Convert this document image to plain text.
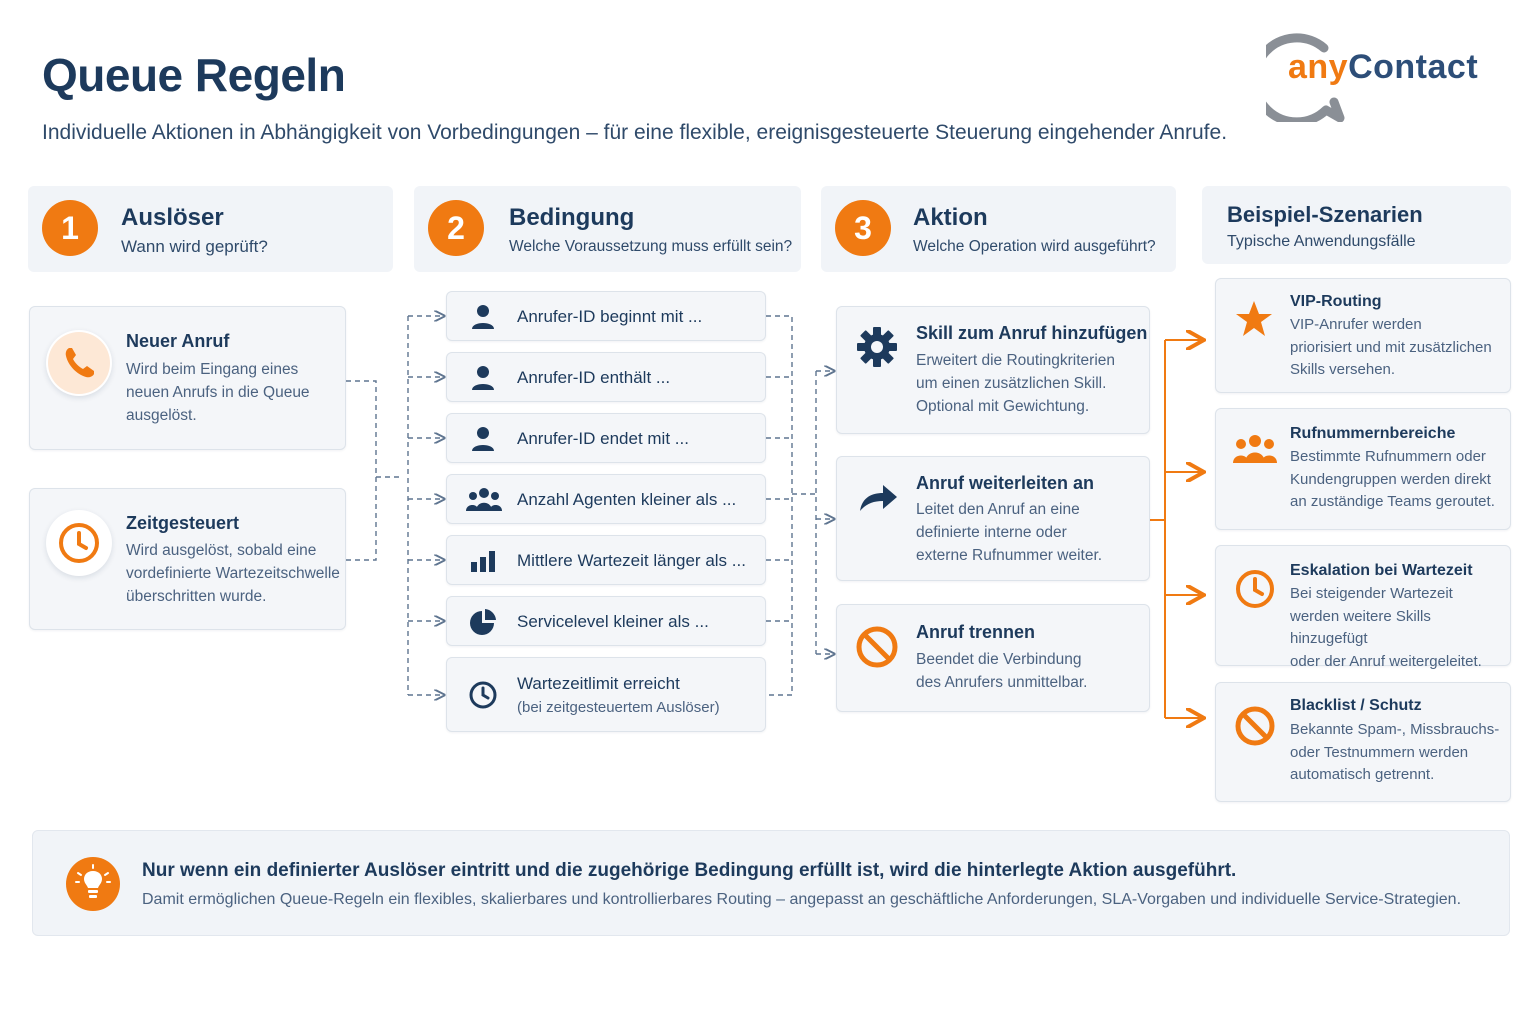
Queue Regeln
Individuelle Aktionen in Abhängigkeit von Vorbedingungen – für eine flexible, ereignisgesteuerte Steuerung eingehender Anrufe.
anyContact
1	Auslöser
Wann wird geprüft?
2	Bedingung
Welche Voraussetzung muss erfüllt sein?
3	Aktion
Welche Operation wird ausgeführt?
Beispiel-Szenarien
Typische Anwendungsfälle
Neuer Anruf
Wird beim Eingang eines
neuen Anrufs in die Queue
ausgelöst.
Zeitgesteuert
Wird ausgelöst, sobald eine
vordefinierte Wartezeitschwelle
überschritten wurde.
Anrufer-ID beginnt mit ...
Anrufer-ID enthält ...
Anrufer-ID endet mit ...
Anzahl Agenten kleiner als ...
Mittlere Wartezeit länger als ...
Servicelevel kleiner als ...
Wartezeitlimit erreicht
(bei zeitgesteuertem Auslöser)
Skill zum Anruf hinzufügen
Erweitert die Routingkriterien
um einen zusätzlichen Skill.
Optional mit Gewichtung.
Anruf weiterleiten an
Leitet den Anruf an eine
definierte interne oder
externe Rufnummer weiter.
Anruf trennen
Beendet die Verbindung
des Anrufers unmittelbar.
VIP-Routing
VIP-Anrufer werden
priorisiert und mit zusätzlichen
Skills versehen.
Rufnummernbereiche
Bestimmte Rufnummern oder
Kundengruppen werden direkt
an zuständige Teams geroutet.
Eskalation bei Wartezeit
Bei steigender Wartezeit
werden weitere Skills hinzugefügt
oder der Anruf weitergeleitet.
Blacklist / Schutz
Bekannte Spam-, Missbrauchs-
oder Testnummern werden
automatisch getrennt.
Nur wenn ein definierter Auslöser eintritt und die zugehörige Bedingung erfüllt ist, wird die hinterlegte Aktion ausgeführt.
Damit ermöglichen Queue-Regeln ein flexibles, skalierbares und kontrollierbares Routing – angepasst an geschäftliche Anforderungen, SLA-Vorgaben und individuelle Service-Strategien.
